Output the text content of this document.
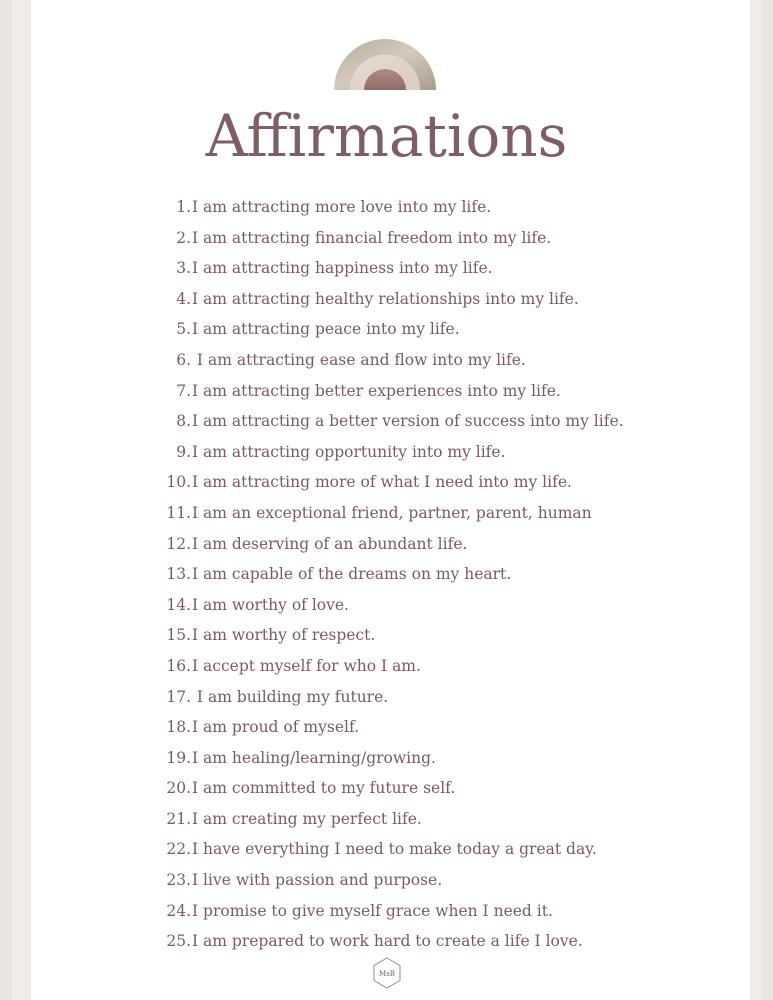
Affirmations
1. I am attracting more love into my life.
2. I am attracting financial freedom into my life.
3. I am attracting happiness into my life.
4. I am attracting healthy relationships into my life.
5. I am attracting peace into my life.
6. I am attracting ease and flow into my life.
7. I am attracting better experiences into my life.
8. I am attracting a better version of success into my life.
9. I am attracting opportunity into my life.
10. I am attracting more of what I need into my life.
11. I am an exceptional friend, partner, parent, human
12. I am deserving of an abundant life.
13. I am capable of the dreams on my heart.
14. I am worthy of love.
15. I am worthy of respect.
16. I accept myself for who I am.
17. I am building my future.
18. I am proud of myself.
19. I am healing/learning/growing.
20. I am committed to my future self.
21. I am creating my perfect life.
22. I have everything I need to make today a great day.
23. I live with passion and purpose.
24. I promise to give myself grace when I need it.
25. I am prepared to work hard to create a life I love.
MsB
